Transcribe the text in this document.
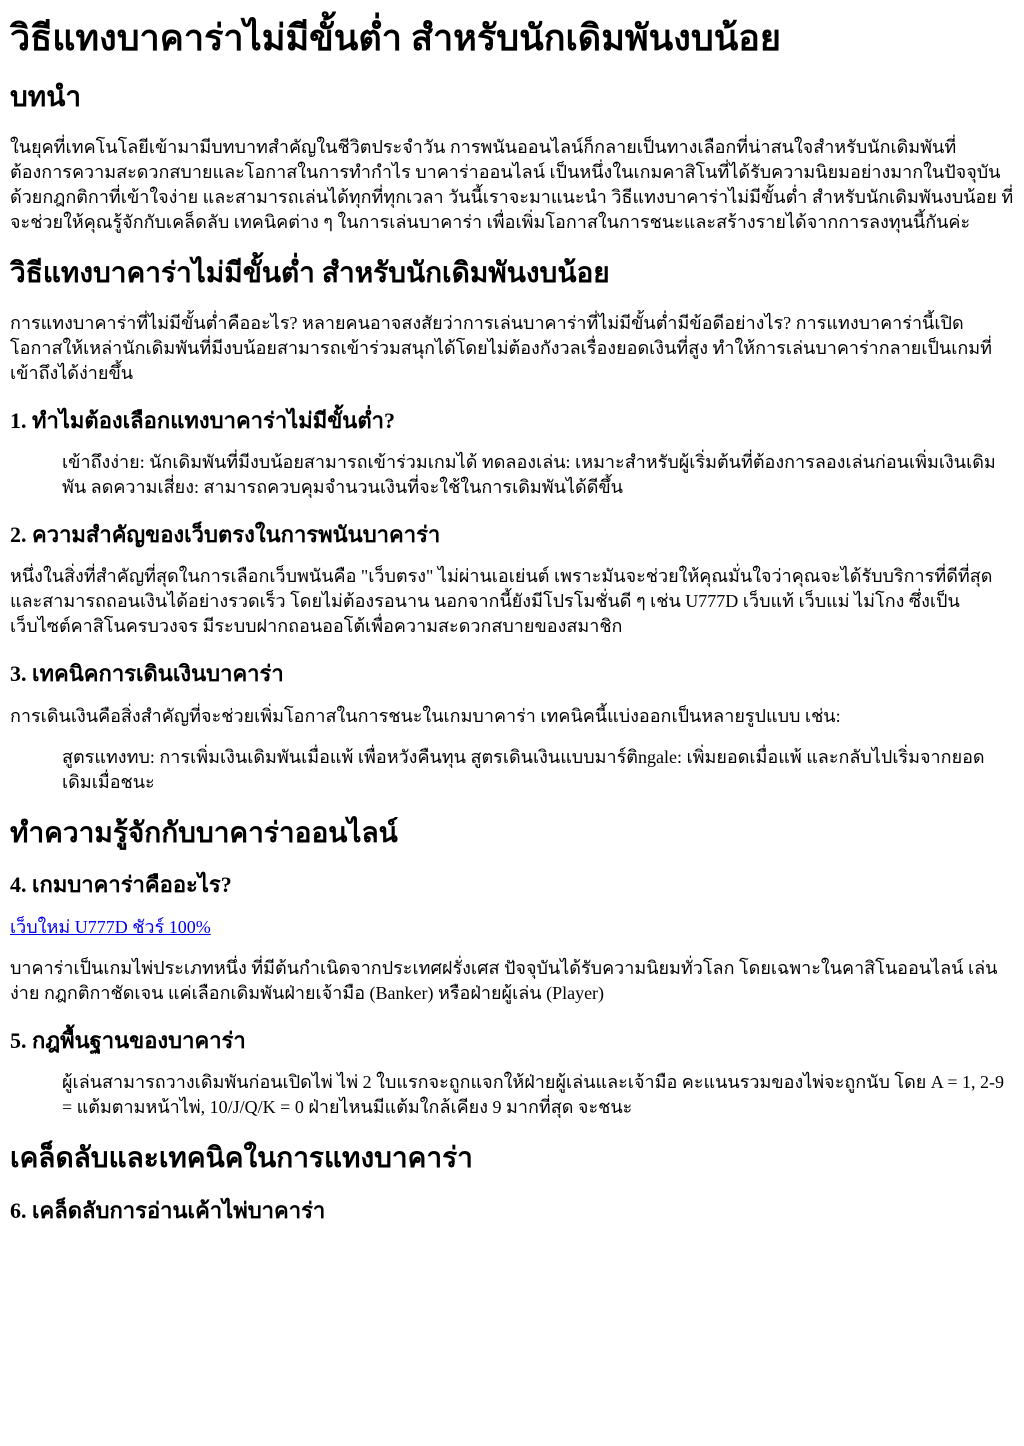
วิธีแทงบาคาร่าไม่มีขั้นต่ำ สำหรับนักเดิมพันงบน้อย
บทนำ

ในยุคที่เทคโนโลยีเข้ามามีบทบาทสำคัญในชีวิตประจำวัน การพนันออนไลน์ก็กลายเป็นทางเลือกที่น่าสนใจสำหรับนักเดิมพันที่ต้องการความสะดวกสบายและโอกาสในการทำกำไร บาคาร่าออนไลน์ เป็นหนึ่งในเกมคาสิโนที่ได้รับความนิยมอย่างมากในปัจจุบัน ด้วยกฎกติกาที่เข้าใจง่าย และสามารถเล่นได้ทุกที่ทุกเวลา วันนี้เราจะมาแนะนำ วิธีแทงบาคาร่าไม่มีขั้นต่ำ สำหรับนักเดิมพันงบน้อย ที่จะช่วยให้คุณรู้จักกับเคล็ดลับ เทคนิคต่าง ๆ ในการเล่นบาคาร่า เพื่อเพิ่มโอกาสในการชนะและสร้างรายได้จากการลงทุนนี้กันค่ะ

วิธีแทงบาคาร่าไม่มีขั้นต่ำ สำหรับนักเดิมพันงบน้อย

การแทงบาคาร่าที่ไม่มีขั้นต่ำคืออะไร? หลายคนอาจสงสัยว่าการเล่นบาคาร่าที่ไม่มีขั้นต่ำมีข้อดีอย่างไร? การแทงบาคาร่านี้เปิดโอกาสให้เหล่านักเดิมพันที่มีงบน้อยสามารถเข้าร่วมสนุกได้โดยไม่ต้องกังวลเรื่องยอดเงินที่สูง ทำให้การเล่นบาคาร่ากลายเป็นเกมที่เข้าถึงได้ง่ายขึ้น

1. ทำไมต้องเลือกแทงบาคาร่าไม่มีขั้นต่ำ?

เข้าถึงง่าย: นักเดิมพันที่มีงบน้อยสามารถเข้าร่วมเกมได้ ทดลองเล่น: เหมาะสำหรับผู้เริ่มต้นที่ต้องการลองเล่นก่อนเพิ่มเงินเดิมพัน ลดความเสี่ยง: สามารถควบคุมจำนวนเงินที่จะใช้ในการเดิมพันได้ดีขึ้น

2. ความสำคัญของเว็บตรงในการพนันบาคาร่า

หนึ่งในสิ่งที่สำคัญที่สุดในการเลือกเว็บพนันคือ "เว็บตรง" ไม่ผ่านเอเย่นต์ เพราะมันจะช่วยให้คุณมั่นใจว่าคุณจะได้รับบริการที่ดีที่สุด และสามารถถอนเงินได้อย่างรวดเร็ว โดยไม่ต้องรอนาน นอกจากนี้ยังมีโปรโมชั่นดี ๆ เช่น U777D เว็บแท้ เว็บแม่ ไม่โกง ซึ่งเป็นเว็บไซต์คาสิโนครบวงจร มีระบบฝากถอนออโต้เพื่อความสะดวกสบายของสมาชิก

3. เทคนิคการเดินเงินบาคาร่า

การเดินเงินคือสิ่งสำคัญที่จะช่วยเพิ่มโอกาสในการชนะในเกมบาคาร่า เทคนิคนี้แบ่งออกเป็นหลายรูปแบบ เช่น:

สูตรแทงทบ: การเพิ่มเงินเดิมพันเมื่อแพ้ เพื่อหวังคืนทุน สูตรเดินเงินแบบมาร์ติngale: เพิ่มยอดเมื่อแพ้ และกลับไปเริ่มจากยอดเดิมเมื่อชนะ

ทำความรู้จักกับบาคาร่าออนไลน์
4. เกมบาคาร่าคืออะไร?

เว็บใหม่ U777D ชัวร์ 100%

บาคาร่าเป็นเกมไพ่ประเภทหนึ่ง ที่มีต้นกำเนิดจากประเทศฝรั่งเศส ปัจจุบันได้รับความนิยมทั่วโลก โดยเฉพาะในคาสิโนออนไลน์ เล่นง่าย กฎกติกาชัดเจน แค่เลือกเดิมพันฝ่ายเจ้ามือ (Banker) หรือฝ่ายผู้เล่น (Player)

5. กฎพื้นฐานของบาคาร่า

ผู้เล่นสามารถวางเดิมพันก่อนเปิดไพ่ ไพ่ 2 ใบแรกจะถูกแจกให้ฝ่ายผู้เล่นและเจ้ามือ คะแนนรวมของไพ่จะถูกนับ โดย A = 1, 2-9 = แต้มตามหน้าไพ่, 10/J/Q/K = 0 ฝ่ายไหนมีแต้มใกล้เคียง 9 มากที่สุด จะชนะ

เคล็ดลับและเทคนิคในการแทงบาคาร่า
6. เคล็ดลับการอ่านเค้าไพ่บาคาร่า
